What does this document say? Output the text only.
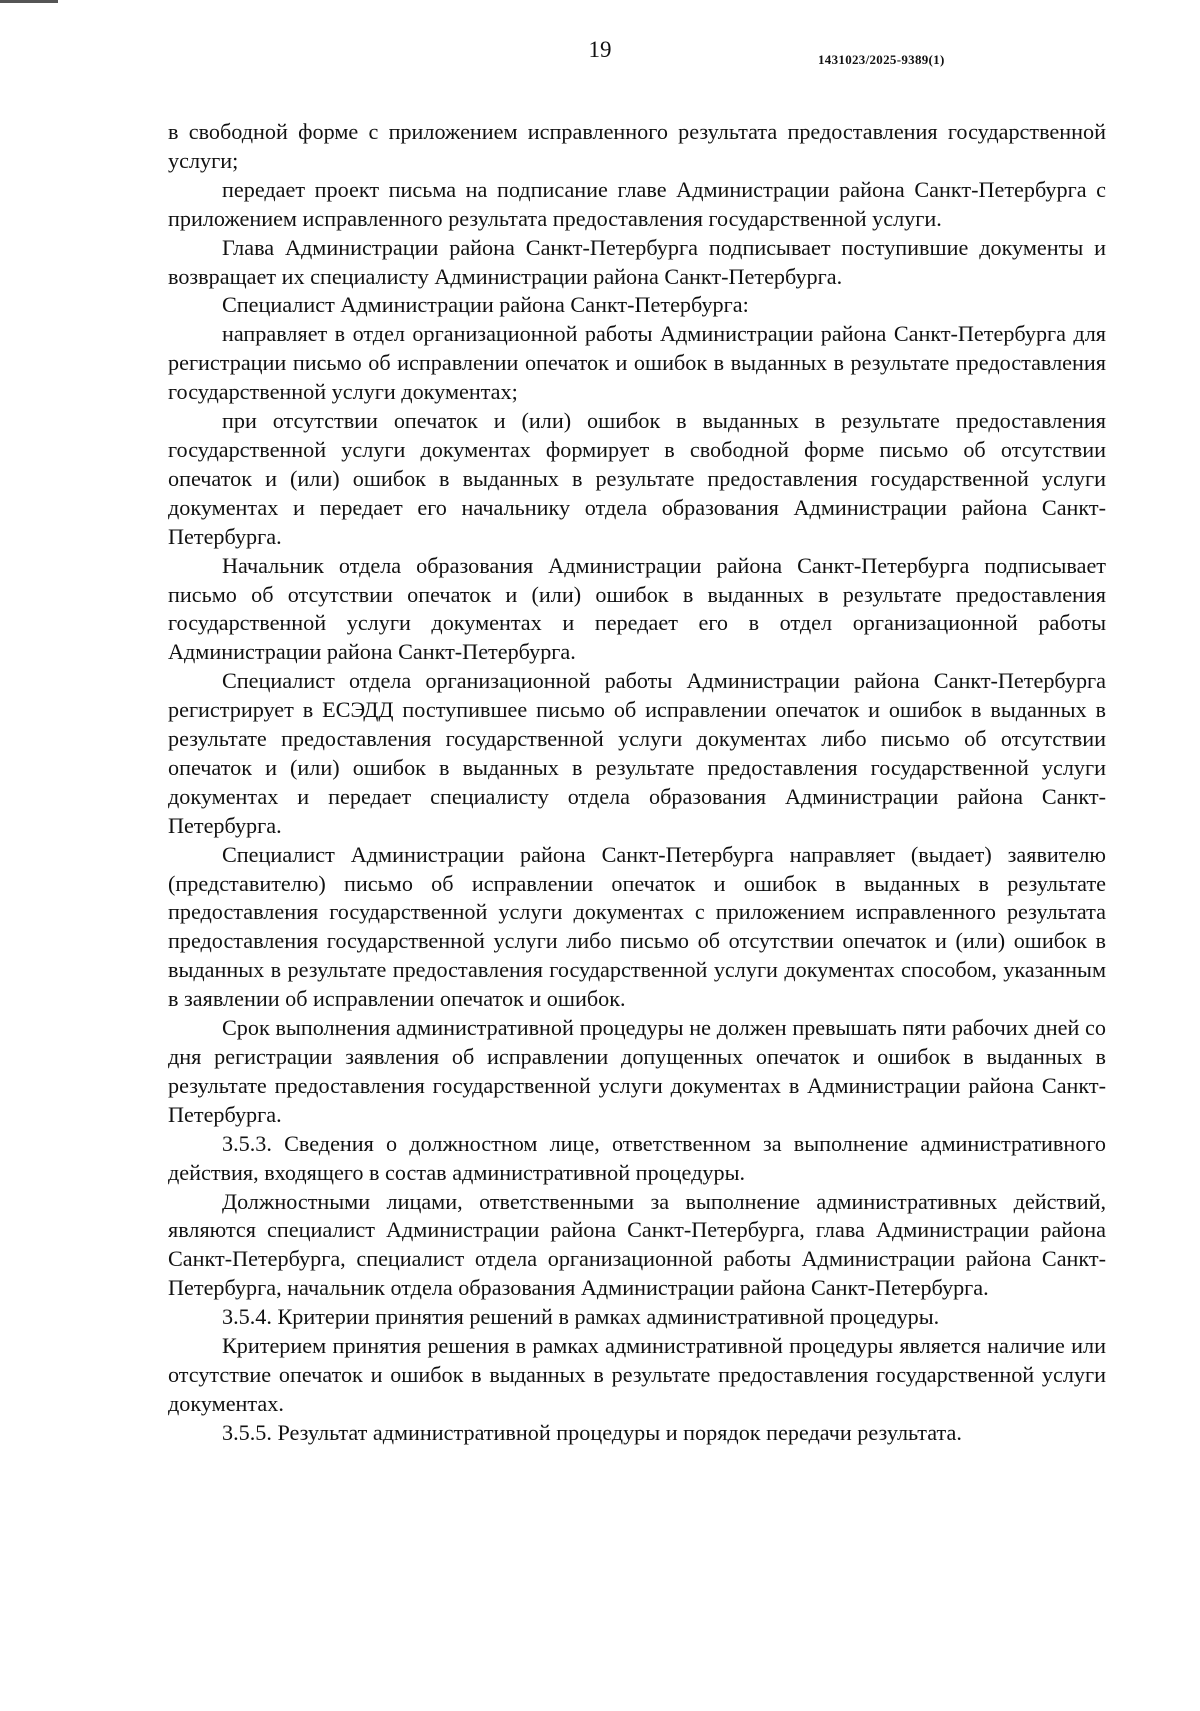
19	1431023/2025-9389(1)

в свободной форме с приложением исправленного результата предоставления государственной услуги;

передает проект письма на подписание главе Администрации района Санкт-Петербурга с приложением исправленного результата предоставления государственной услуги.

Глава Администрации района Санкт-Петербурга подписывает поступившие документы и возвращает их специалисту Администрации района Санкт-Петербурга.

Специалист Администрации района Санкт-Петербурга:

направляет в отдел организационной работы Администрации района Санкт-Петербурга для регистрации письмо об исправлении опечаток и ошибок в выданных в результате предоставления государственной услуги документах;

при отсутствии опечаток и (или) ошибок в выданных в результате предоставления государственной услуги документах формирует в свободной форме письмо об отсутствии опечаток и (или) ошибок в выданных в результате предоставления государственной услуги документах и передает его начальнику отдела образования Администрации района Санкт-Петербурга.

Начальник отдела образования Администрации района Санкт-Петербурга подписывает письмо об отсутствии опечаток и (или) ошибок в выданных в результате предоставления государственной услуги документах и передает его в отдел организационной работы Администрации района Санкт-Петербурга.

Специалист отдела организационной работы Администрации района Санкт-Петербурга регистрирует в ЕСЭДД поступившее письмо об исправлении опечаток и ошибок в выданных в результате предоставления государственной услуги документах либо письмо об отсутствии опечаток и (или) ошибок в выданных в результате предоставления государственной услуги документах и передает специалисту отдела образования Администрации района Санкт-Петербурга.

Специалист Администрации района Санкт-Петербурга направляет (выдает) заявителю (представителю) письмо об исправлении опечаток и ошибок в выданных в результате предоставления государственной услуги документах с приложением исправленного результата предоставления государственной услуги либо письмо об отсутствии опечаток и (или) ошибок в выданных в результате предоставления государственной услуги документах способом, указанным в заявлении об исправлении опечаток и ошибок.

Срок выполнения административной процедуры не должен превышать пяти рабочих дней со дня регистрации заявления об исправлении допущенных опечаток и ошибок в выданных в результате предоставления государственной услуги документах в Администрации района Санкт-Петербурга.

3.5.3. Сведения о должностном лице, ответственном за выполнение административного действия, входящего в состав административной процедуры.

Должностными лицами, ответственными за выполнение административных действий, являются специалист Администрации района Санкт-Петербурга, глава Администрации района Санкт-Петербурга, специалист отдела организационной работы Администрации района Санкт-Петербурга, начальник отдела образования Администрации района Санкт-Петербурга.

3.5.4. Критерии принятия решений в рамках административной процедуры.

Критерием принятия решения в рамках административной процедуры является наличие или отсутствие опечаток и ошибок в выданных в результате предоставления государственной услуги документах.

3.5.5. Результат административной процедуры и порядок передачи результата.
